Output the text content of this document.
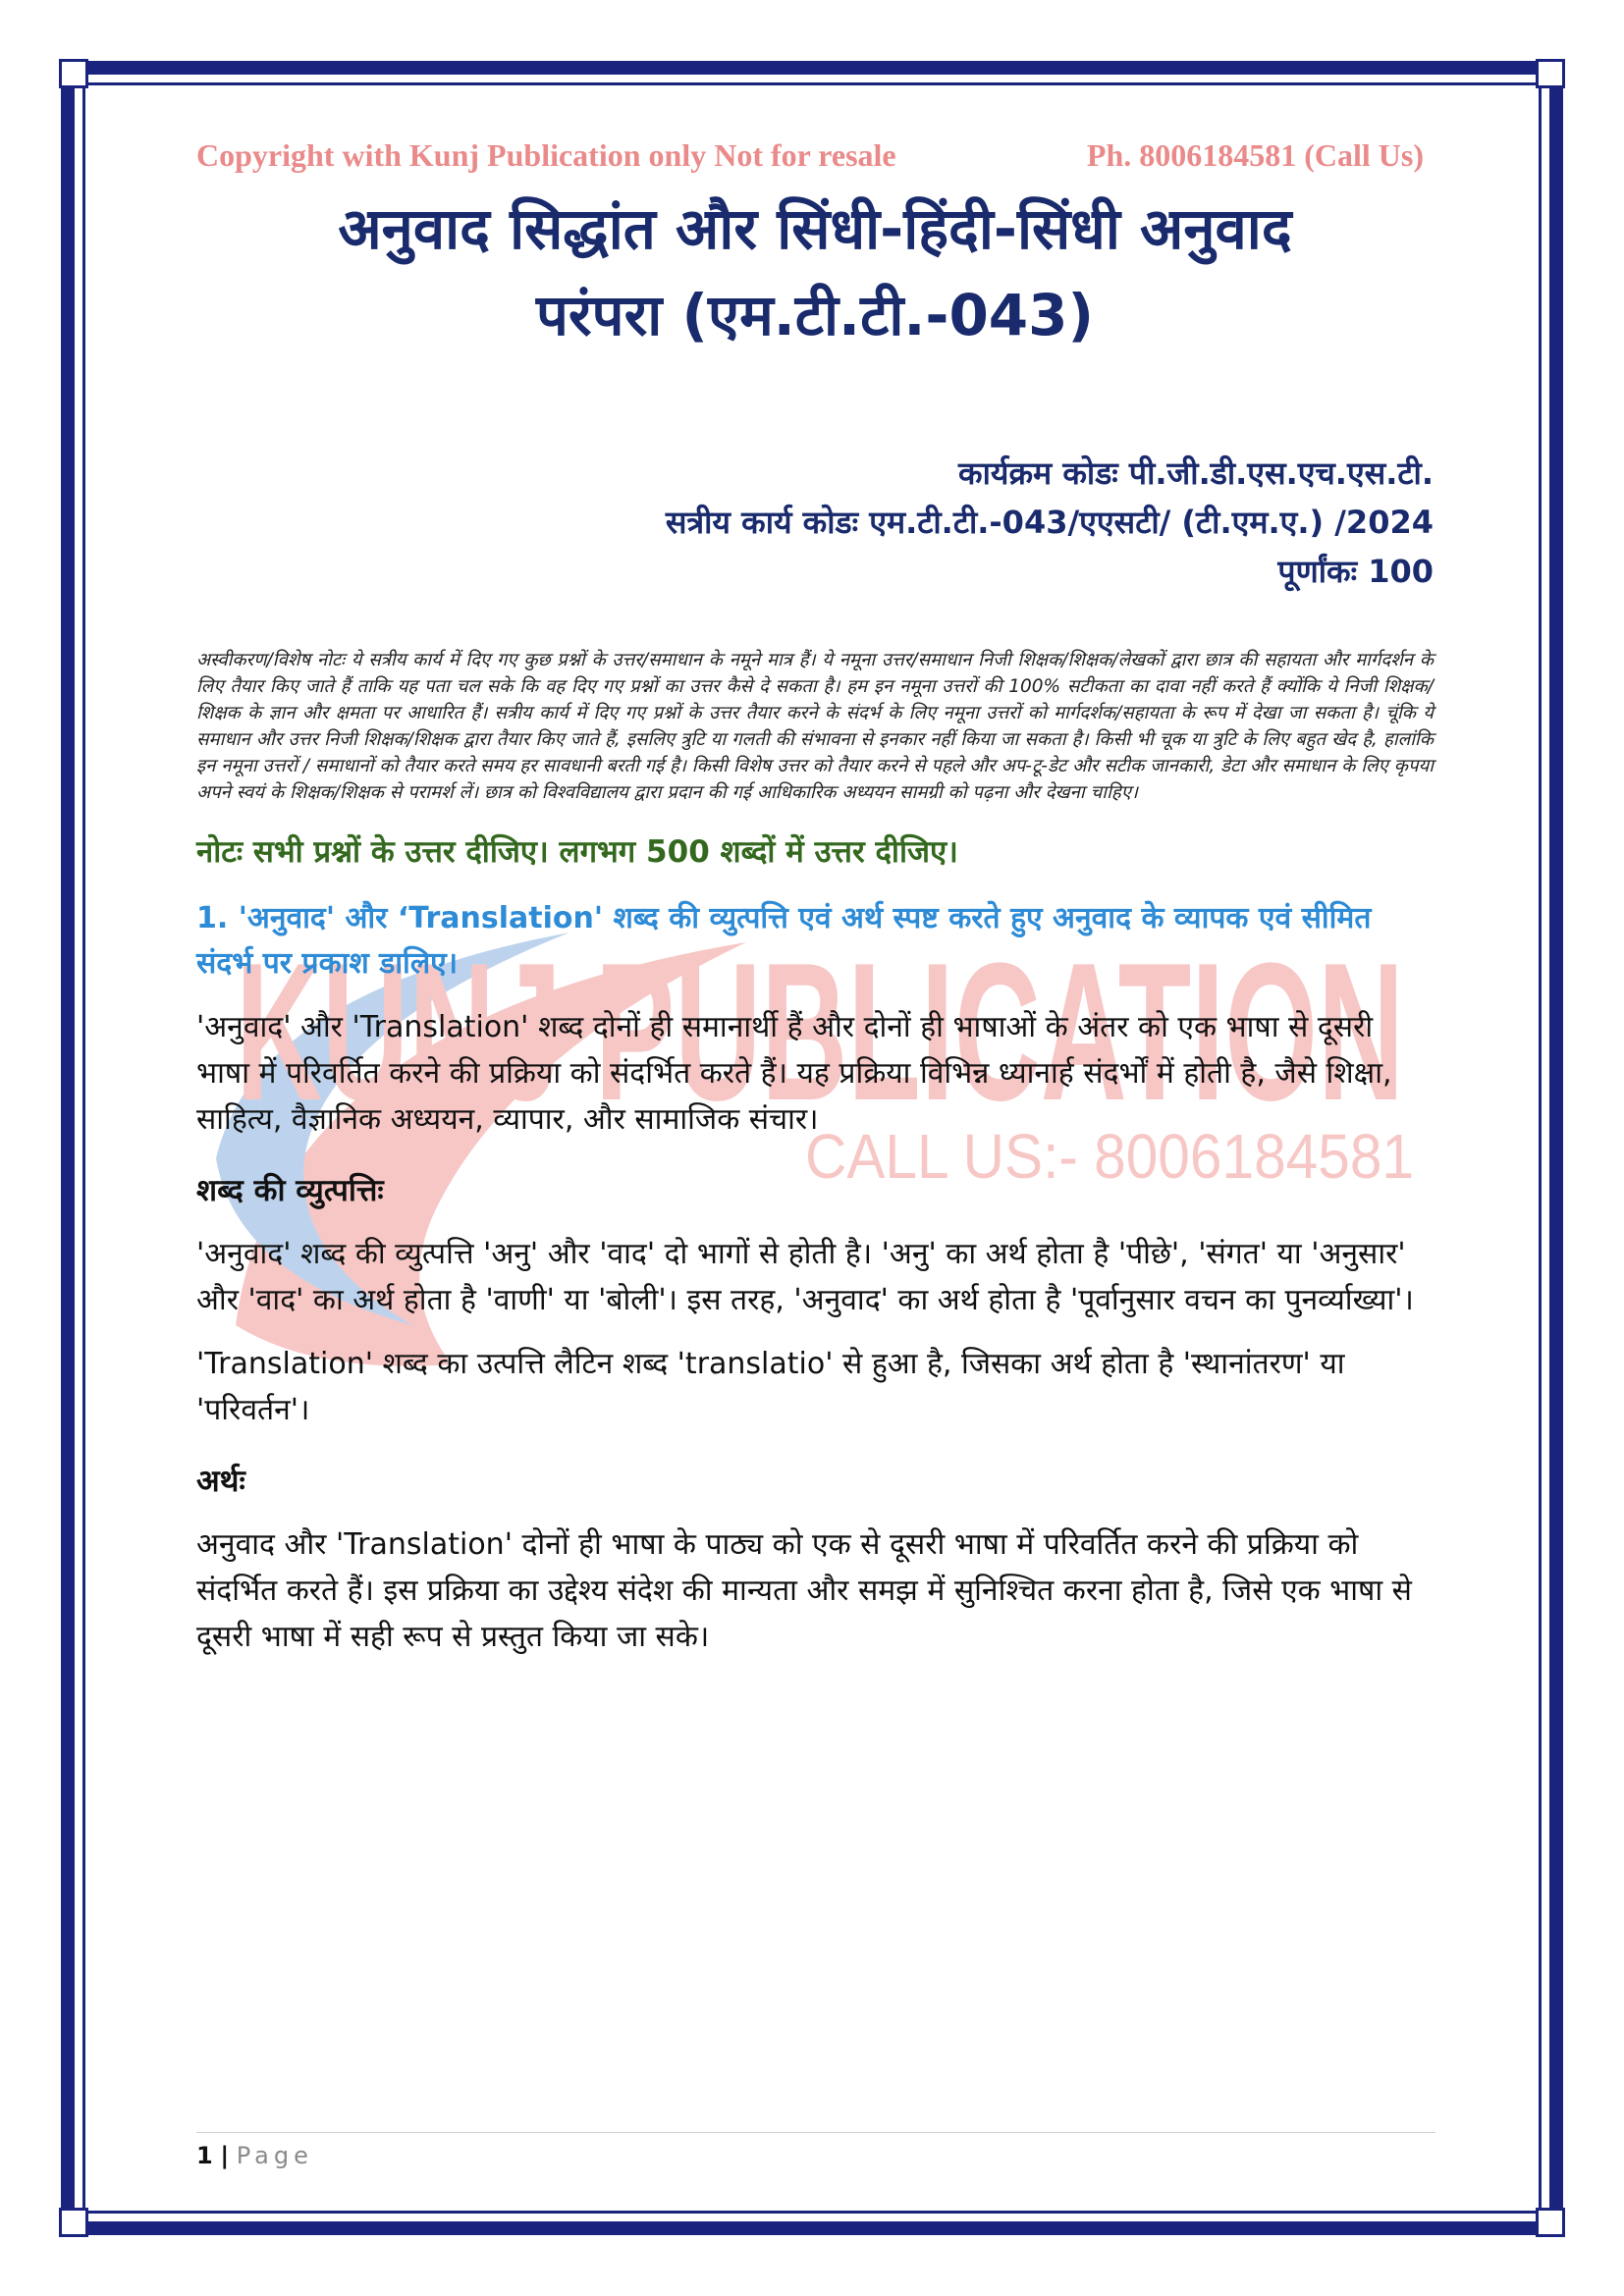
KUNJ PUBLICATION
CALL US:- 8006184581
Copyright with Kunj Publication only Not for resale	Ph. 8006184581 (Call Us)
अनुवाद सिद्धांत और सिंधी-हिंदी-सिंधी अनुवाद
परंपरा (एम.टी.टी.-043)
कार्यक्रम कोडः पी.जी.डी.एस.एच.एस.टी.
सत्रीय कार्य कोडः एम.टी.टी.-043/एएसटी/ (टी.एम.ए.) /2024
पूर्णांकः 100
अस्वीकरण/विशेष नोटः ये सत्रीय कार्य में दिए गए कुछ प्रश्नों के उत्तर/समाधान के नमूने मात्र हैं। ये नमूना उत्तर/समाधान निजी शिक्षक/शिक्षक/लेखकों द्वारा छात्र की सहायता और मार्गदर्शन के लिए तैयार किए जाते हैं ताकि यह पता चल सके कि वह दिए गए प्रश्नों का उत्तर कैसे दे सकता है। हम इन नमूना उत्तरों की 100% सटीकता का दावा नहीं करते हैं क्योंकि ये निजी शिक्षक/शिक्षक के ज्ञान और क्षमता पर आधारित हैं। सत्रीय कार्य में दिए गए प्रश्नों के उत्तर तैयार करने के संदर्भ के लिए नमूना उत्तरों को मार्गदर्शक/सहायता के रूप में देखा जा सकता है। चूंकि ये समाधान और उत्तर निजी शिक्षक/शिक्षक द्वारा तैयार किए जाते हैं, इसलिए त्रुटि या गलती की संभावना से इनकार नहीं किया जा सकता है। किसी भी चूक या त्रुटि के लिए बहुत खेद है, हालांकि इन नमूना उत्तरों / समाधानों को तैयार करते समय हर सावधानी बरती गई है। किसी विशेष उत्तर को तैयार करने से पहले और अप-टू-डेट और सटीक जानकारी, डेटा और समाधान के लिए कृपया अपने स्वयं के शिक्षक/शिक्षक से परामर्श लें। छात्र को विश्वविद्यालय द्वारा प्रदान की गई आधिकारिक अध्ययन सामग्री को पढ़ना और देखना चाहिए।
नोटः सभी प्रश्नों के उत्तर दीजिए। लगभग 500 शब्दों में उत्तर दीजिए।
1. 'अनुवाद' और ‘Translation' शब्द की व्युत्पत्ति एवं अर्थ स्पष्ट करते हुए अनुवाद के व्यापक एवं सीमित संदर्भ पर प्रकाश डालिए।
'अनुवाद' और 'Translation' शब्द दोनों ही समानार्थी हैं और दोनों ही भाषाओं के अंतर को एक भाषा से दूसरी भाषा में परिवर्तित करने की प्रक्रिया को संदर्भित करते हैं। यह प्रक्रिया विभिन्न ध्यानार्ह संदर्भों में होती है, जैसे शिक्षा, साहित्य, वैज्ञानिक अध्ययन, व्यापार, और सामाजिक संचार।
शब्द की व्युत्पत्तिः
'अनुवाद' शब्द की व्युत्पत्ति 'अनु' और 'वाद' दो भागों से होती है। 'अनु' का अर्थ होता है 'पीछे', 'संगत' या 'अनुसार' और 'वाद' का अर्थ होता है 'वाणी' या 'बोली'। इस तरह, 'अनुवाद' का अर्थ होता है 'पूर्वानुसार वचन का पुनर्व्याख्या'।
'Translation' शब्द का उत्पत्ति लैटिन शब्द 'translatio' से हुआ है, जिसका अर्थ होता है 'स्थानांतरण' या 'परिवर्तन'।
अर्थः
अनुवाद और 'Translation' दोनों ही भाषा के पाठ्य को एक से दूसरी भाषा में परिवर्तित करने की प्रक्रिया को संदर्भित करते हैं। इस प्रक्रिया का उद्देश्य संदेश की मान्यता और समझ में सुनिश्चित करना होता है, जिसे एक भाषा से दूसरी भाषा में सही रूप से प्रस्तुत किया जा सके।
1 | Page
